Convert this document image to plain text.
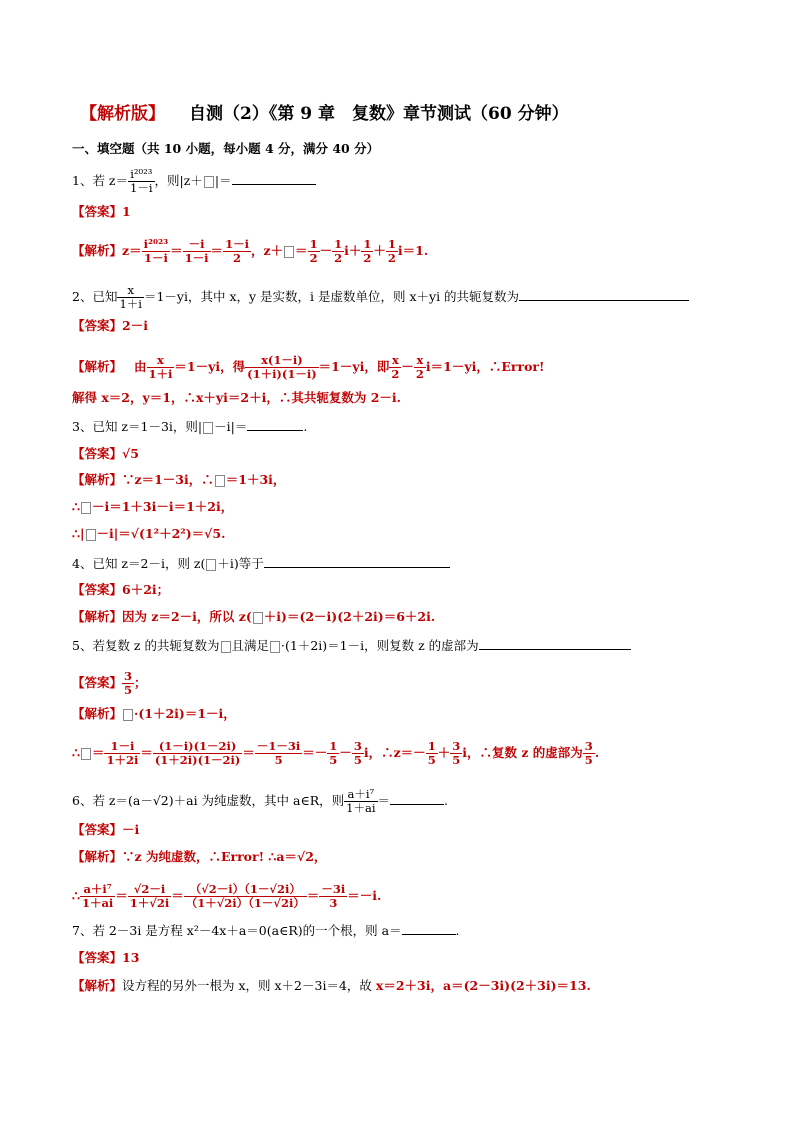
【解析版】 自测（2）《第 9 章　复数》章节测试（60 分钟）
一、填空题（共 10 小题，每小题 4 分，满分 40 分）
1、若 $z= \frac{\text{i²⁰²³}}{1-i}$ ，则|z＋ |＝
【答案】1
【解析】$z= \frac{\text{i²⁰²³}}{1-i} = \frac{-i}{1-i} = \frac{1-i}{2}$ ，$z+ = \frac{1}{2} - \frac{1}{2} i+ \frac{1}{2} + \frac{1}{2} i=1$.
2、已知 $\frac{x}{1+i} =1-yi$，其中 x，y 是实数，i 是虚数单位，则 x＋yi 的共轭复数为
【答案】2－i
【解析】 由 $\frac{x}{1+i} =1-yi$，得 $\frac{x(1-i)}{(1+i)(1-i)} =1-yi$，即 $\frac{x}{2} - \frac{x}{2} i=1-yi$，∴Error!
解得 x＝2，y＝1，∴x＋yi＝2＋i，∴其共轭复数为 2－i.
3、已知 z＝1－3i，则| －i|＝	.
【答案】√5
【解析】∵z＝1－3i，∴ ＝1＋3i，
∴ －i＝1＋3i－i＝1＋2i，
∴| －i|＝√(1²＋2²)＝√5.
4、已知 z＝2－i，则 z( ＋i)等于
【答案】6＋2i；
【解析】因为 z＝2－i，所以 z( ＋i)＝(2－i)(2＋2i)＝6＋2i.
5、若复数 z 的共轭复数为 且满足 ·(1＋2i)＝1－i，则复数 z 的虚部为
【答案】 $\frac{3}{5}$ ；
【解析】 ·(1＋2i)＝1－i，
∴ ＝ $\frac{1-i}{1+2i} = \frac{(1-i)(1-2i)}{(1+2i)(1-2i)} = \frac{-1-3i}{5} =- \frac{1}{5} - \frac{3}{5}$ i，∴z＝－ $\frac{1}{5} + \frac{3}{5}$ i，∴复数 z 的虚部为 $\frac{3}{5}$ .
6、若 z＝(a－√2)＋ai 为纯虚数，其中 a∈R，则 $\frac{\text{a＋i⁷}}{1+ai}$ ＝	.
【答案】－i
【解析】∵z 为纯虚数，∴Error! ∴a＝√2，
∴ $\frac{\text{a＋i⁷}}{1+ai} = \frac{√2-i}{1+√2i} = \frac{(√2-i)(1-√2i)}{(1+√2i)(1-√2i)} = \frac{-3i}{3} =-i$.
7、若 2－3i 是方程 x²－4x＋a＝0(a∈R)的一个根，则 a＝	.
【答案】13
【解析】设方程的另外一根为 x，则 x＋2－3i＝4，故 x＝2＋3i，a＝(2－3i)(2＋3i)＝13.
